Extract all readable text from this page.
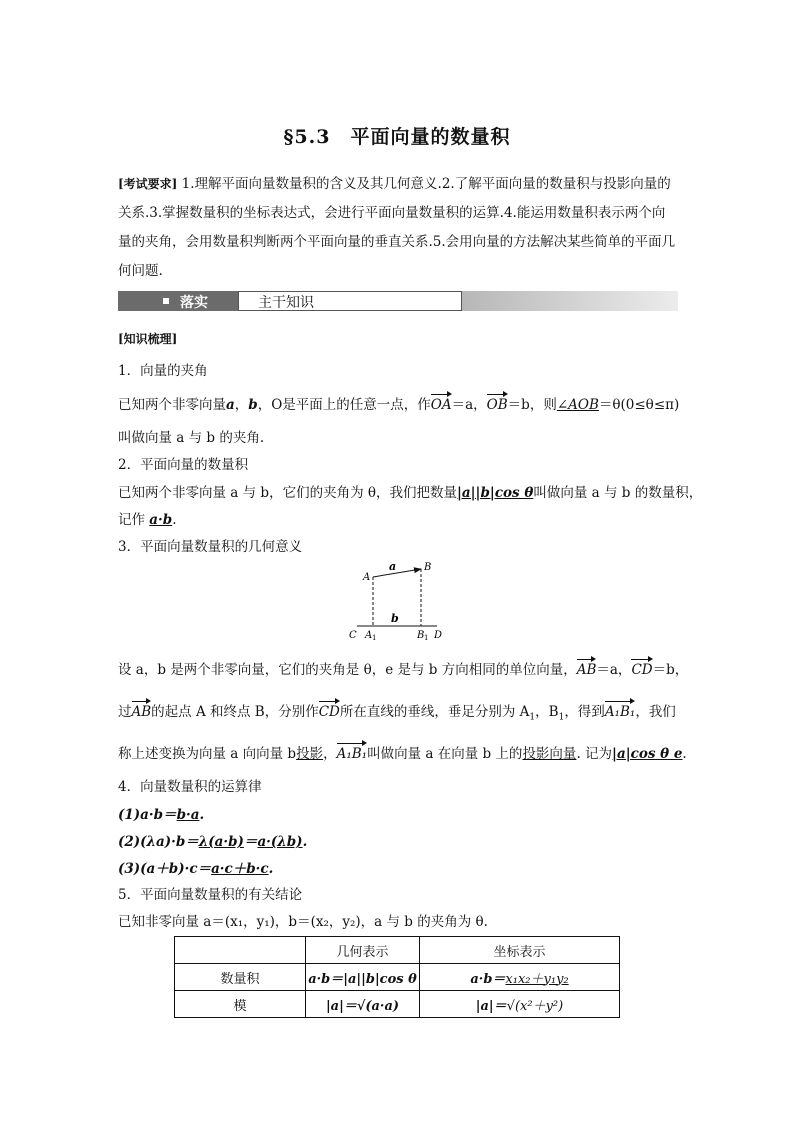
§5.3　平面向量的数量积
[考试要求] 1.理解平面向量数量积的含义及其几何意义.2.了解平面向量的数量积与投影向量的关系.3.掌握数量积的坐标表达式，会进行平面向量数量积的运算.4.能运用数量积表示两个向量的夹角，会用数量积判断两个平面向量的垂直关系.5.会用向量的方法解决某些简单的平面几何问题.
落实	主干知识
[知识梳理]
1．向量的夹角
已知两个非零向量a，b，O是平面上的任意一点，作OA＝a，OB＝b，则∠AOB＝θ(0≤θ≤π)
叫做向量 a 与 b 的夹角.
2．平面向量的数量积
已知两个非零向量 a 与 b，它们的夹角为 θ，我们把数量|a||b|cos θ叫做向量 a 与 b 的数量积，
记作 a·b.
3．平面向量数量积的几何意义
a
b
A
B
C A 1	B 1 D
设 a，b 是两个非零向量，它们的夹角是 θ，e 是与 b 方向相同的单位向量，AB＝a，CD＝b，
过AB的起点 A 和终点 B，分别作CD所在直线的垂线，垂足分别为 $A_1$，$B_1$，得到A₁B₁，我们
称上述变换为向量 a 向向量 b投影，A₁B₁叫做向量 a 在向量 b 上的投影向量. 记为|a|cos θ e.
4．向量数量积的运算律
(1)a·b＝b·a.
(2)(λa)·b＝λ(a·b)＝a·(λb).
(3)(a＋b)·c＝a·c＋b·c.
5．平面向量数量积的有关结论
已知非零向量 a＝(x₁，y₁)，b＝(x₂，y₂)，a 与 b 的夹角为 θ.
	几何表示	坐标表示
数量积	a·b＝|a||b|cos θ	a·b＝x₁x₂＋y₁y₂
模	|a|＝√(a·a)	|a|＝√(x²＋y²)
